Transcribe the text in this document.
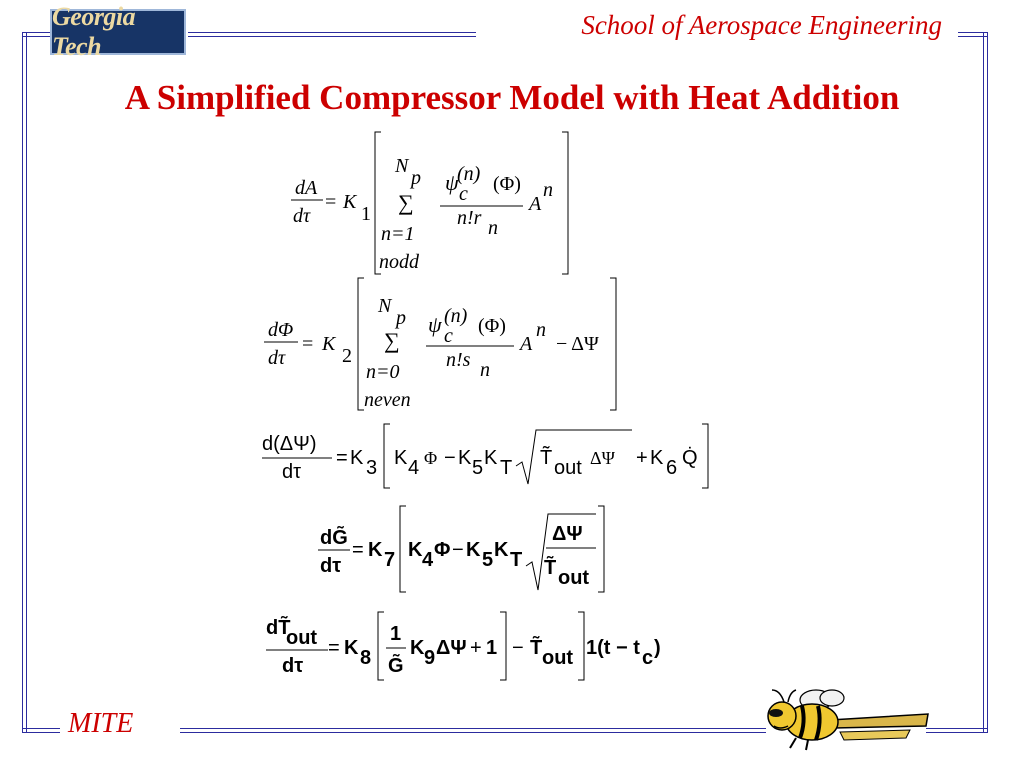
Georgia Tech
School of Aerospace Engineering
A Simplified Compressor Model with Heat Addition
dA
dτ
= K
1
N
p
∑
n=1
nodd
ψ c
(n) (Φ)
n!r n
A
n
dΦ
dτ
= K
2
N
p
∑
n=0
neven
ψ c
(n) (Φ)
n!s n
A
n
− ΔΨ
d(ΔΨ)
dτ
= K 3 K 4 Φ − K 5 K T T̃ out ΔΨ + K 6 Q̇
dG̃
dτ
= K 7 K 4 Φ − K 5 K T
ΔΨ
T̃ out
dT̃
out
dτ
= K 8
1
G̃
K 9 ΔΨ + 1 − T̃ out 1(t − t c )
MITE
